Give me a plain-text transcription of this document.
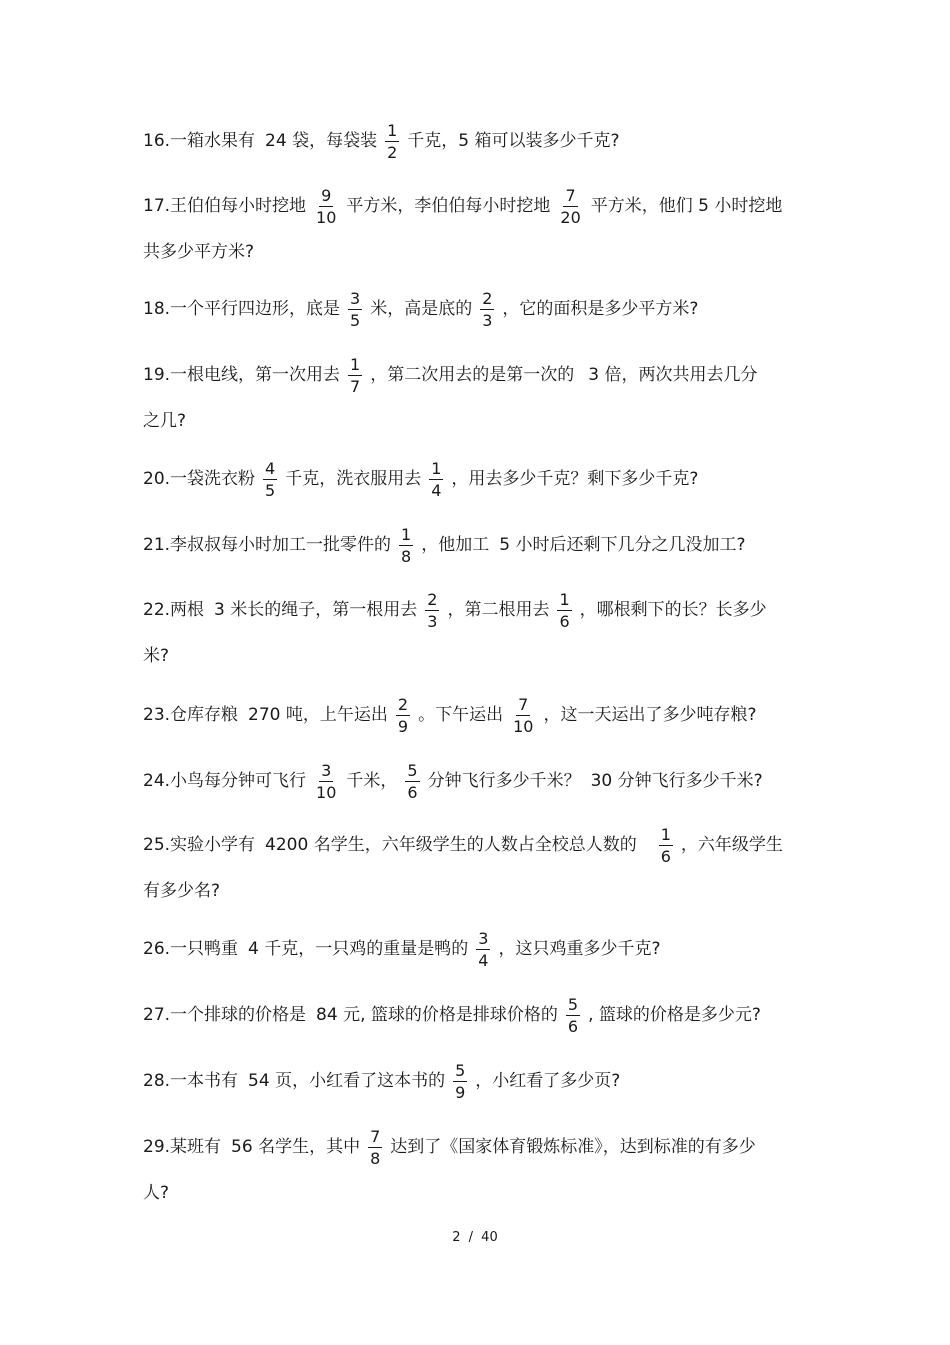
16.一箱水果有 24 袋，每袋装 $\frac{1}{2}$ 千克，5 箱可以装多少千克?
17.王伯伯每小时挖地 $\frac{9}{10}$ 平方米，李伯伯每小时挖地 $\frac{7}{20}$ 平方米，他们 5 小时挖地
共多少平方米?
18.一个平行四边形，底是 $\frac{3}{5}$ 米，高是底的 $\frac{2}{3}$ ，它的面积是多少平方米?
19.一根电线，第一次用去 $\frac{1}{7}$ ，第二次用去的是第一次的 3 倍，两次共用去几分
之几?
20.一袋洗衣粉 $\frac{4}{5}$ 千克，洗衣服用去 $\frac{1}{4}$ ，用去多少千克？剩下多少千克?
21.李叔叔每小时加工一批零件的 $\frac{1}{8}$ ，他加工 5 小时后还剩下几分之几没加工?
22.两根 3 米长的绳子，第一根用去 $\frac{2}{3}$ ，第二根用去 $\frac{1}{6}$ ，哪根剩下的长？长多少
米?
23.仓库存粮 270 吨，上午运出 $\frac{2}{9}$ 。下午运出 $\frac{7}{10}$ ，这一天运出了多少吨存粮?
24.小鸟每分钟可飞行 $\frac{3}{10}$ 千米， $\frac{5}{6}$ 分钟飞行多少千米？ 30 分钟飞行多少千米?
25.实验小学有 4200 名学生，六年级学生的人数占全校总人数的 $\frac{1}{6}$ ，六年级学生
有多少名?
26.一只鸭重 4 千克，一只鸡的重量是鸭的 $\frac{3}{4}$ ，这只鸡重多少千克?
27.一个排球的价格是 84 元, 篮球的价格是排球价格的 $\frac{5}{6}$ , 篮球的价格是多少元?
28.一本书有 54 页，小红看了这本书的 $\frac{5}{9}$ ，小红看了多少页?
29.某班有 56 名学生，其中 $\frac{7}{8}$ 达到了《国家体育锻炼标准》，达到标准的有多少
人?
2 / 40
